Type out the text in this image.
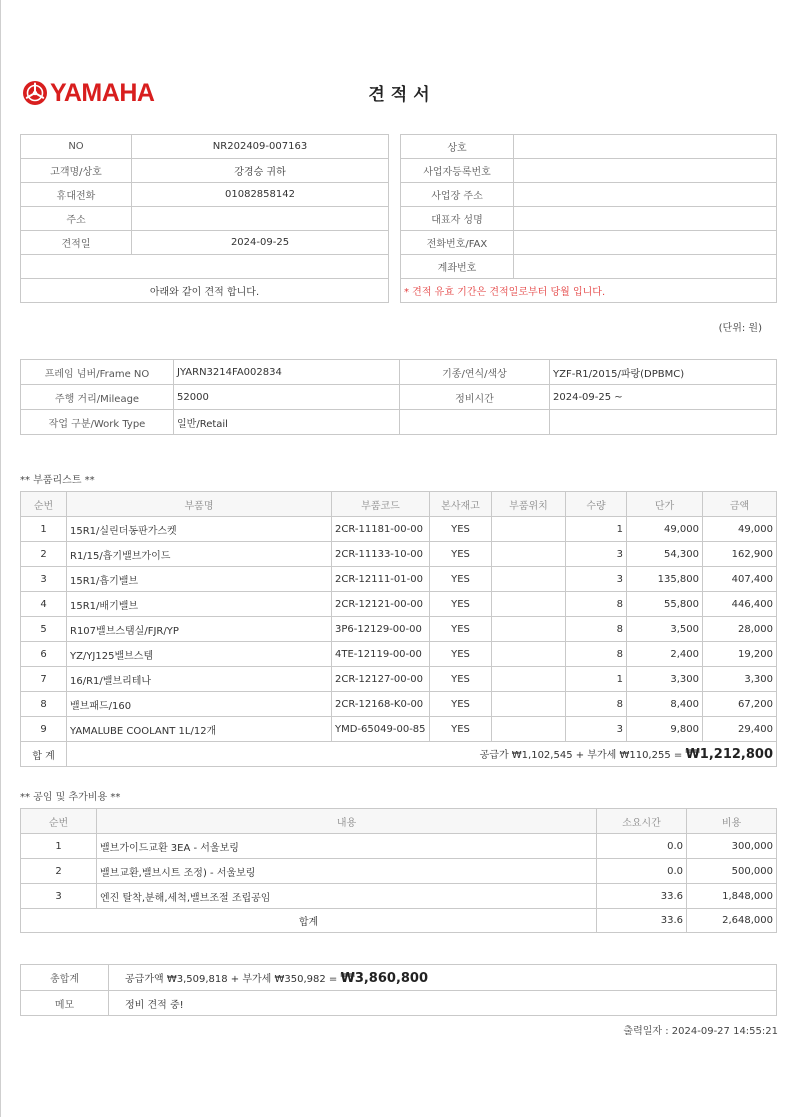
YAMAHA	견적서
NO	NR202409-007163
고객명/상호	강경승 귀하
휴대전화	01082858142
주소	
견적일	2024-09-25

아래와 같이 견적 합니다.	
상호	
사업자등록번호	
사업장 주소	
대표자 성명	
전화번호/FAX	
계좌번호	
* 견적 유효 기간은 견적일로부터 당월 입니다.	
(단위: 원)
프레임 넘버/Frame NO	JYARN3214FA002834	기종/연식/색상	YZF-R1/2015/파랑(DPBMC)
주행 거리/Mileage	52000	정비시간	2024-09-25 ~
작업 구분/Work Type	일반/Retail		
** 부품리스트 **
순번	부품명	부품코드	본사재고	부품위치	수량	단가	금액
1	15R1/실린더동판가스켓	2CR-11181-00-00	YES		1	49,000	49,000
2	R1/15/흡기밸브가이드	2CR-11133-10-00	YES		3	54,300	162,900
3	15R1/흡기밸브	2CR-12111-01-00	YES		3	135,800	407,400
4	15R1/배기밸브	2CR-12121-00-00	YES		8	55,800	446,400
5	R107밸브스탬실/FJR/YP	3P6-12129-00-00	YES		8	3,500	28,000
6	YZ/YJ125밸브스템	4TE-12119-00-00	YES		8	2,400	19,200
7	16/R1/밸브리테나	2CR-12127-00-00	YES		1	3,300	3,300
8	밸브패드/160	2CR-12168-K0-00	YES		8	8,400	67,200
9	YAMALUBE COOLANT 1L/12개	YMD-65049-00-85	YES		3	9,800	29,400
합 계	공급가 ₩1,102,545 + 부가세 ₩110,255 = ₩1,212,800						
** 공임 및 추가비용 **
순번	내용	소요시간	비용
1	밸브가이드교환 3EA - 서울보링	0.0	300,000
2	밸브교환,밸브시트 조정) - 서울보링	0.0	500,000
3	엔진 탈착,분해,세척,밸브조절 조립공임	33.6	1,848,000
합계		33.6	2,648,000
총합계	공급가액 ₩3,509,818 + 부가세 ₩350,982 = ₩3,860,800
메모	정비 견적 중!
출력일자 : 2024-09-27 14:55:21
